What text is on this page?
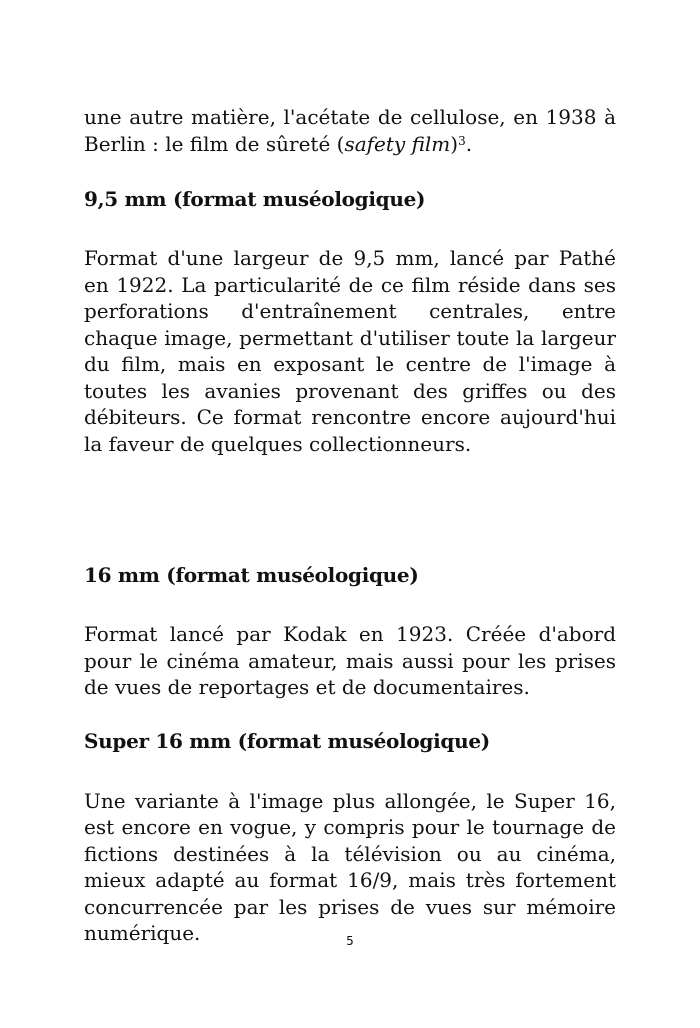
une autre matière, l'acétate de cellulose, en 1938 à Berlin : le film de sûreté (safety film)$^3$.

9,5 mm (format muséologique)

Format d'une largeur de 9,5 mm, lancé par Pathé en 1922. La particularité de ce film réside dans ses perforations d'entraînement centrales, entre chaque image, permettant d'utiliser toute la largeur du film, mais en exposant le centre de l'image à toutes les avanies provenant des griffes ou des débiteurs. Ce format rencontre encore aujourd'hui la faveur de quelques collectionneurs.

16 mm (format muséologique)

Format lancé par Kodak en 1923. Créée d'abord pour le cinéma amateur, mais aussi pour les prises de vues de reportages et de documentaires.

Super 16 mm (format muséologique)

Une variante à l'image plus allongée, le Super 16, est encore en vogue, y compris pour le tournage de fictions destinées à la télévision ou au cinéma, mieux adapté au format 16/9, mais très fortement concurrencée par les prises de vues sur mémoire numérique.	5
